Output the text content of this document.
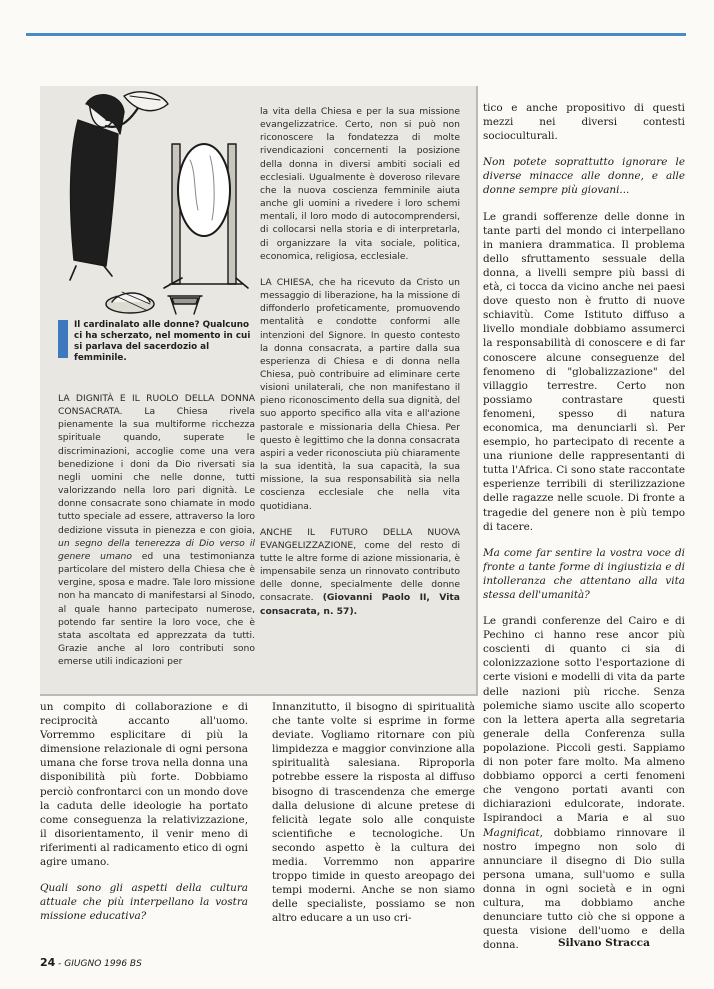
Il cardinalato alle donne? Qualcuno ci ha scherzato, nel momento in cui si parlava del sacerdozio al femminile.

LA DIGNITÀ E IL RUOLO DELLA DONNA CONSACRATA. La Chiesa rivela pienamente la sua multiforme ricchezza spirituale quando, superate le discriminazioni, accoglie come una vera benedizione i doni da Dio riversati sia negli uomini che nelle donne, tutti valorizzando nella loro pari dignità. Le donne consacrate sono chiamate in modo tutto speciale ad essere, attraverso la loro dedizione vissuta in pienezza e con gioia, un segno della tenerezza di Dio verso il genere umano ed una testimonianza particolare del mistero della Chiesa che è vergine, sposa e madre. Tale loro missione non ha mancato di manifestarsi al Sinodo, al quale hanno partecipato numerose, potendo far sentire la loro voce, che è stata ascoltata ed apprezzata da tutti. Grazie anche al loro contributi sono emerse utili indicazioni per

la vita della Chiesa e per la sua missione evangelizzatrice. Certo, non si può non riconoscere la fondatezza di molte rivendicazioni concernenti la posizione della donna in diversi ambiti sociali ed ecclesiali. Ugualmente è doveroso rilevare che la nuova coscienza femminile aiuta anche gli uomini a rivedere i loro schemi mentali, il loro modo di autocomprendersi, di collocarsi nella storia e di interpretarla, di organizzare la vita sociale, politica, economica, religiosa, ecclesiale.

LA CHIESA, che ha ricevuto da Cristo un messaggio di liberazione, ha la missione di diffonderlo profeticamente, promuovendo mentalità e condotte conformi alle intenzioni del Signore. In questo contesto la donna consacrata, a partire dalla sua esperienza di Chiesa e di donna nella Chiesa, può contribuire ad eliminare certe visioni unilaterali, che non manifestano il pieno riconoscimento della sua dignità, del suo apporto specifico alla vita e all'azione pastorale e missionaria della Chiesa. Per questo è legittimo che la donna consacrata aspiri a veder riconosciuta più chiaramente la sua identità, la sua capacità, la sua missione, la sua responsabilità sia nella coscienza ecclesiale che nella vita quotidiana.

ANCHE IL FUTURO DELLA NUOVA EVANGELIZZAZIONE, come del resto di tutte le altre forme di azione missionaria, è impensabile senza un rinnovato contributo delle donne, specialmente delle donne consacrate. (Giovanni Paolo II, Vita consacrata, n. 57).

tico e anche propositivo di questi mezzi nei diversi contesti socioculturali.

Non potete soprattutto ignorare le diverse minacce alle donne, e alle donne sempre più giovani...

Le grandi sofferenze delle donne in tante parti del mondo ci interpellano in maniera drammatica. Il problema dello sfruttamento sessuale della donna, a livelli sempre più bassi di età, ci tocca da vicino anche nei paesi dove questo non è frutto di nuove schiavitù. Come Istituto diffuso a livello mondiale dobbiamo assumerci la responsabilità di conoscere e di far conoscere alcune conseguenze del fenomeno di "globalizzazione" del villaggio terrestre. Certo non possiamo contrastare questi fenomeni, spesso di natura economica, ma denunciarli sì. Per esempio, ho partecipato di recente a una riunione delle rappresentanti di tutta l'Africa. Ci sono state raccontate esperienze terribili di sterilizzazione delle ragazze nelle scuole. Di fronte a tragedie del genere non è più tempo di tacere.

Ma come far sentire la vostra voce di fronte a tante forme di ingiustizia e di intolleranza che attentano alla vita stessa dell'umanità?

Le grandi conferenze del Cairo e di Pechino ci hanno rese ancor più coscienti di quanto ci sia di colonizzazione sotto l'esportazione di certe visioni e modelli di vita da parte delle nazioni più ricche. Senza polemiche siamo uscite allo scoperto con la lettera aperta alla segretaria generale della Conferenza sulla popolazione. Piccoli gesti. Sappiamo di non poter fare molto. Ma almeno dobbiamo opporci a certi fenomeni che vengono portati avanti con dichiarazioni edulcorate, indorate. Ispirandoci a Maria e al suo Magnificat, dobbiamo rinnovare il nostro impegno non solo di annunciare il disegno di Dio sulla persona umana, sull'uomo e sulla donna in ogni società e in ogni cultura, ma dobbiamo anche denunciare tutto ciò che si oppone a questa visione dell'uomo e della donna.

un compito di collaborazione e di reciprocità accanto all'uomo. Vorremmo esplicitare di più la dimensione relazionale di ogni persona umana che forse trova nella donna una disponibilità più forte. Dobbiamo perciò confrontarci con un mondo dove la caduta delle ideologie ha portato come conseguenza la relativizzazione, il disorientamento, il venir meno di riferimenti al radicamento etico di ogni agire umano.

Quali sono gli aspetti della cultura attuale che più interpellano la vostra missione educativa?

Innanzitutto, il bisogno di spiritualità che tante volte si esprime in forme deviate. Vogliamo ritornare con più limpidezza e maggior convinzione alla spiritualità salesiana. Riproporla potrebbe essere la risposta al diffuso bisogno di trascendenza che emerge dalla delusione di alcune pretese di felicità legate solo alle conquiste scientifiche e tecnologiche. Un secondo aspetto è la cultura dei media. Vorremmo non apparire troppo timide in questo areopago dei tempi moderni. Anche se non siamo delle specialiste, possiamo se non altro educare a un uso cri-

Silvano Stracca
24 - GIUGNO 1996 BS
